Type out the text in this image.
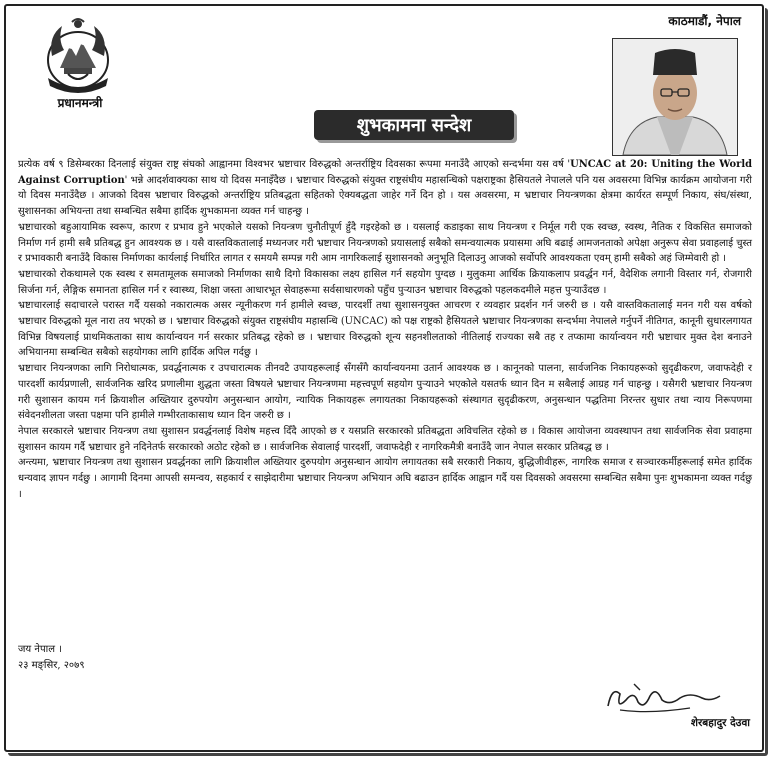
प्रधानमन्त्री
काठमाडौं, नेपाल
शुभकामना सन्देश

प्रत्येक वर्ष ९ डिसेम्बरका दिनलाई संयुक्त राष्ट्र संघको आह्वानमा विश्वभर भ्रष्टाचार विरुद्धको अन्तर्राष्ट्रिय दिवसका रूपमा मनाउँदै आएको सन्दर्भमा यस वर्ष 'UNCAC at 20: Uniting the World Against Corruption' भन्ने आदर्शवाक्यका साथ यो दिवस मनाइँदैछ । भ्रष्टाचार विरुद्धको संयुक्त राष्ट्रसंघीय महासन्धिको पक्षराष्ट्रका हैसियतले नेपालले पनि यस अवसरमा विभिन्न कार्यक्रम आयोजना गरी यो दिवस मनाउँदैछ । आजको दिवस भ्रष्टाचार विरुद्धको अन्तर्राष्ट्रिय प्रतिबद्धता सहितको ऐक्यबद्धता जाहेर गर्ने दिन हो । यस अवसरमा, म भ्रष्टाचार नियन्त्रणका क्षेत्रमा कार्यरत सम्पूर्ण निकाय, संघ/संस्था, सुशासनका अभियन्ता तथा सम्बन्धित सबैमा हार्दिक शुभकामना व्यक्त गर्न चाहन्छु ।

भ्रष्टाचारको बहुआयामिक स्वरूप, कारण र प्रभाव हुने भएकोले यसको नियन्त्रण चुनौतीपूर्ण हुँदै गइरहेको छ । यसलाई कडाइका साथ नियन्त्रण र निर्मूल गरी एक स्वच्छ, स्वस्थ, नैतिक र विकसित समाजको निर्माण गर्न हामी सबै प्रतिबद्ध हुन आवश्यक छ । यसै वास्तविकतालाई मध्यनजर गरी भ्रष्टाचार नियन्त्रणको प्रयासलाई सबैको समन्वयात्मक प्रयासमा अघि बढाई आमजनताको अपेक्षा अनुरूप सेवा प्रवाहलाई चुस्त र प्रभावकारी बनाउँदै विकास निर्माणका कार्यलाई निर्धारित लागत र समयमै सम्पन्न गरी आम नागरिकलाई सुशासनको अनुभूति दिलाउनु आजको सर्वोपरि आवश्यकता एवम् हामी सबैको अहं जिम्मेवारी हो ।

भ्रष्टाचारको रोकथामले एक स्वस्थ र समतामूलक समाजको निर्माणका साथै दिगो विकासका लक्ष्य हासिल गर्न सहयोग पुग्दछ । मुलुकमा आर्थिक क्रियाकलाप प्रवर्द्धन गर्न, वैदेशिक लगानी विस्तार गर्न, रोजगारी सिर्जना गर्न, लैङ्गिक समानता हासिल गर्न र स्वास्थ्य, शिक्षा जस्ता आधारभूत सेवाहरूमा सर्वसाधारणको पहुँच पुऱ्याउन भ्रष्टाचार विरुद्धको पहलकदमीले महत्त पुऱ्याउँदछ ।

भ्रष्टाचारलाई सदाचारले परास्त गर्दै यसको नकारात्मक असर न्यूनीकरण गर्न हामीले स्वच्छ, पारदर्शी तथा सुशासनयुक्त आचरण र व्यवहार प्रदर्शन गर्न जरुरी छ । यसै वास्तविकतालाई मनन गरी यस वर्षको भ्रष्टाचार विरुद्धको मूल नारा तय भएको छ । भ्रष्टाचार विरुद्धको संयुक्त राष्ट्रसंघीय महासन्धि (UNCAC) को पक्ष राष्ट्रको हैसियतले भ्रष्टाचार नियन्त्रणका सन्दर्भमा नेपालले गर्नुपर्ने नीतिगत, कानूनी सुधारलगायत विभिन्न विषयलाई प्राथमिकताका साथ कार्यान्वयन गर्न सरकार प्रतिबद्ध रहेको छ । भ्रष्टाचार विरुद्धको शून्य सहनशीलताको नीतिलाई राज्यका सबै तह र तप्कामा कार्यान्वयन गरी भ्रष्टाचार मुक्त देश बनाउने अभियानमा सम्बन्धित सबैको सहयोगका लागि हार्दिक अपिल गर्दछु ।

भ्रष्टाचार नियन्त्रणका लागि निरोधात्मक, प्रवर्द्धनात्मक र उपचारात्मक तीनवटै उपायहरूलाई सँगसँगै कार्यान्वयनमा उतार्न आवश्यक छ । कानूनको पालना, सार्वजनिक निकायहरूको सुदृढीकरण, जवाफदेही र पारदर्शी कार्यप्रणाली, सार्वजनिक खरिद प्रणालीमा शुद्धता जस्ता विषयले भ्रष्टाचार नियन्त्रणमा महत्त्वपूर्ण सहयोग पुऱ्याउने भएकोले यसतर्फ ध्यान दिन म सबैलाई आग्रह गर्न चाहन्छु । यसैगरी भ्रष्टाचार नियन्त्रण गरी सुशासन कायम गर्न क्रियाशील अख्तियार दुरुपयोग अनुसन्धान आयोग, न्यायिक निकायहरू लगायतका निकायहरूको संस्थागत सुदृढीकरण, अनुसन्धान पद्धतिमा निरन्तर सुधार तथा न्याय निरूपणमा संवेदनशीलता जस्ता पक्षमा पनि हामीले गम्भीरताकासाथ ध्यान दिन जरुरी छ ।

नेपाल सरकारले भ्रष्टाचार नियन्त्रण तथा सुशासन प्रवर्द्धनलाई विशेष महत्त्व दिँदै आएको छ र यसप्रति सरकारको प्रतिबद्धता अविचलित रहेको छ । विकास आयोजना व्यवस्थापन तथा सार्वजनिक सेवा प्रवाहमा सुशासन कायम गर्दै भ्रष्टाचार हुने नदिनेतर्फ सरकारको अठोट रहेको छ । सार्वजनिक सेवालाई पारदर्शी, जवाफदेही र नागरिकमैत्री बनाउँदै जान नेपाल सरकार प्रतिबद्ध छ ।

अन्त्यमा, भ्रष्टाचार नियन्त्रण तथा सुशासन प्रवर्द्धनका लागि क्रियाशील अख्तियार दुरुपयोग अनुसन्धान आयोग लगायतका सबै सरकारी निकाय, बुद्धिजीवीहरू, नागरिक समाज र सञ्चारकर्मीहरूलाई समेत हार्दिक धन्यवाद ज्ञापन गर्दछु । आगामी दिनमा आपसी समन्वय, सहकार्य र साझेदारीमा भ्रष्टाचार नियन्त्रण अभियान अघि बढाउन हार्दिक आह्वान गर्दै यस दिवसको अवसरमा सम्बन्धित सबैमा पुनः शुभकामना व्यक्त गर्दछु ।

जय नेपाल ।
२३ मङ्सिर, २०७९
शेरबहादुर देउवा
